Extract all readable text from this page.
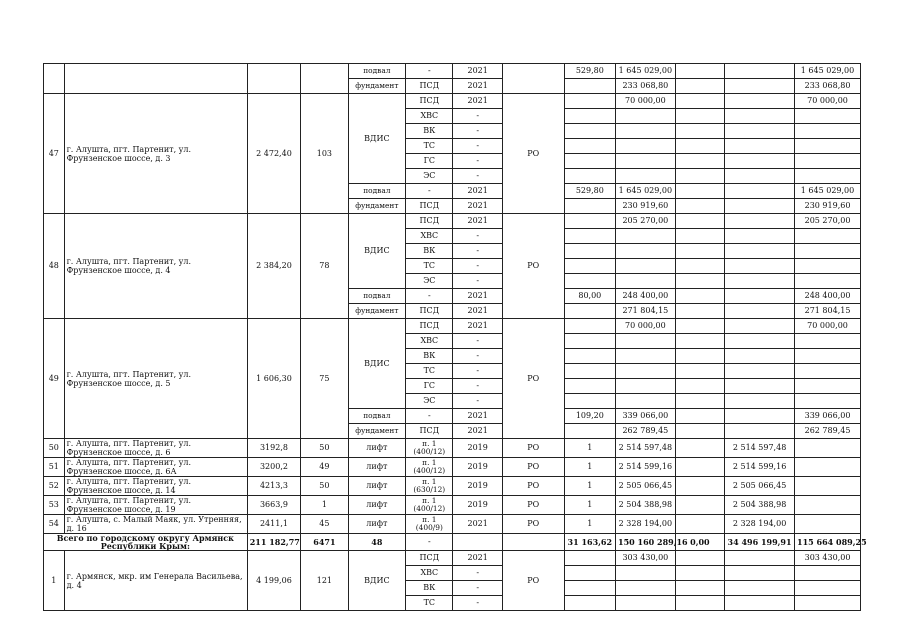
				подвал	-	2021		529,80	1 645 029,00			1 645 029,00
				фундамент	ПСД	2021			233 068,80			233 068,80
47	г. Алушта, пгт. Партенит, ул. Фрунзенское шоссе, д. 3	2 472,40	103	ВДИС	ПСД	2021	РО		70 000,00			70 000,00
					ХВС	-						
					ВК	-						
					ТС	-						
					ГС	-						
					ЭС	-						
				подвал	-	2021		529,80	1 645 029,00			1 645 029,00
				фундамент	ПСД	2021			230 919,60			230 919,60
48	г. Алушта, пгт. Партенит, ул. Фрунзенское шоссе, д. 4	2 384,20	78	ВДИС	ПСД	2021	РО		205 270,00			205 270,00
					ХВС	-						
					ВК	-						
					ТС	-						
					ЭС	-						
				подвал	-	2021		80,00	248 400,00			248 400,00
				фундамент	ПСД	2021			271 804,15			271 804,15
49	г. Алушта, пгт. Партенит, ул. Фрунзенское шоссе, д. 5	1 606,30	75	ВДИС	ПСД	2021	РО		70 000,00			70 000,00
					ХВС	-						
					ВК	-						
					ТС	-						
					ГС	-						
					ЭС	-						
				подвал	-	2021		109,20	339 066,00			339 066,00
				фундамент	ПСД	2021			262 789,45			262 789,45
50	г. Алушта, пгт. Партенит, ул. Фрунзенское шоссе, д. 6	3192,8	50	лифт	п. 1 (400/12)	2019	РО	1	2 514 597,48		2 514 597,48	
51	г. Алушта, пгт. Партенит, ул. Фрунзенское шоссе, д. 6А	3200,2	49	лифт	п. 1 (400/12)	2019	РО	1	2 514 599,16		2 514 599,16	
52	г. Алушта, пгт. Партенит, ул. Фрунзенское шоссе, д. 14	4213,3	50	лифт	п. 1 (630/12)	2019	РО	1	2 505 066,45		2 505 066,45	
53	г. Алушта, пгт. Партенит, ул. Фрунзенское шоссе, д. 19	3663,9	1	лифт	п. 1 (400/12)	2019	РО	1	2 504 388,98		2 504 388,98	
54	г. Алушта, с. Малый Маяк, ул. Утренняя, д. 16	2411,1	45	лифт	п. 1 (400/9)	2021	РО	1	2 328 194,00		2 328 194,00	
Всего по городскому округу Армянск Республики Крым:		211 182,77	6471	48	-			31 163,62	150 160 289,16	0,00	34 496 199,91	115 664 089,25
1	г. Армянск, мкр. им Генерала Васильева, д. 4	4 199,06	121	ВДИС	ПСД	2021	РО		303 430,00			303 430,00
					ХВС	-						
					ВК	-						
					ТС	-						
